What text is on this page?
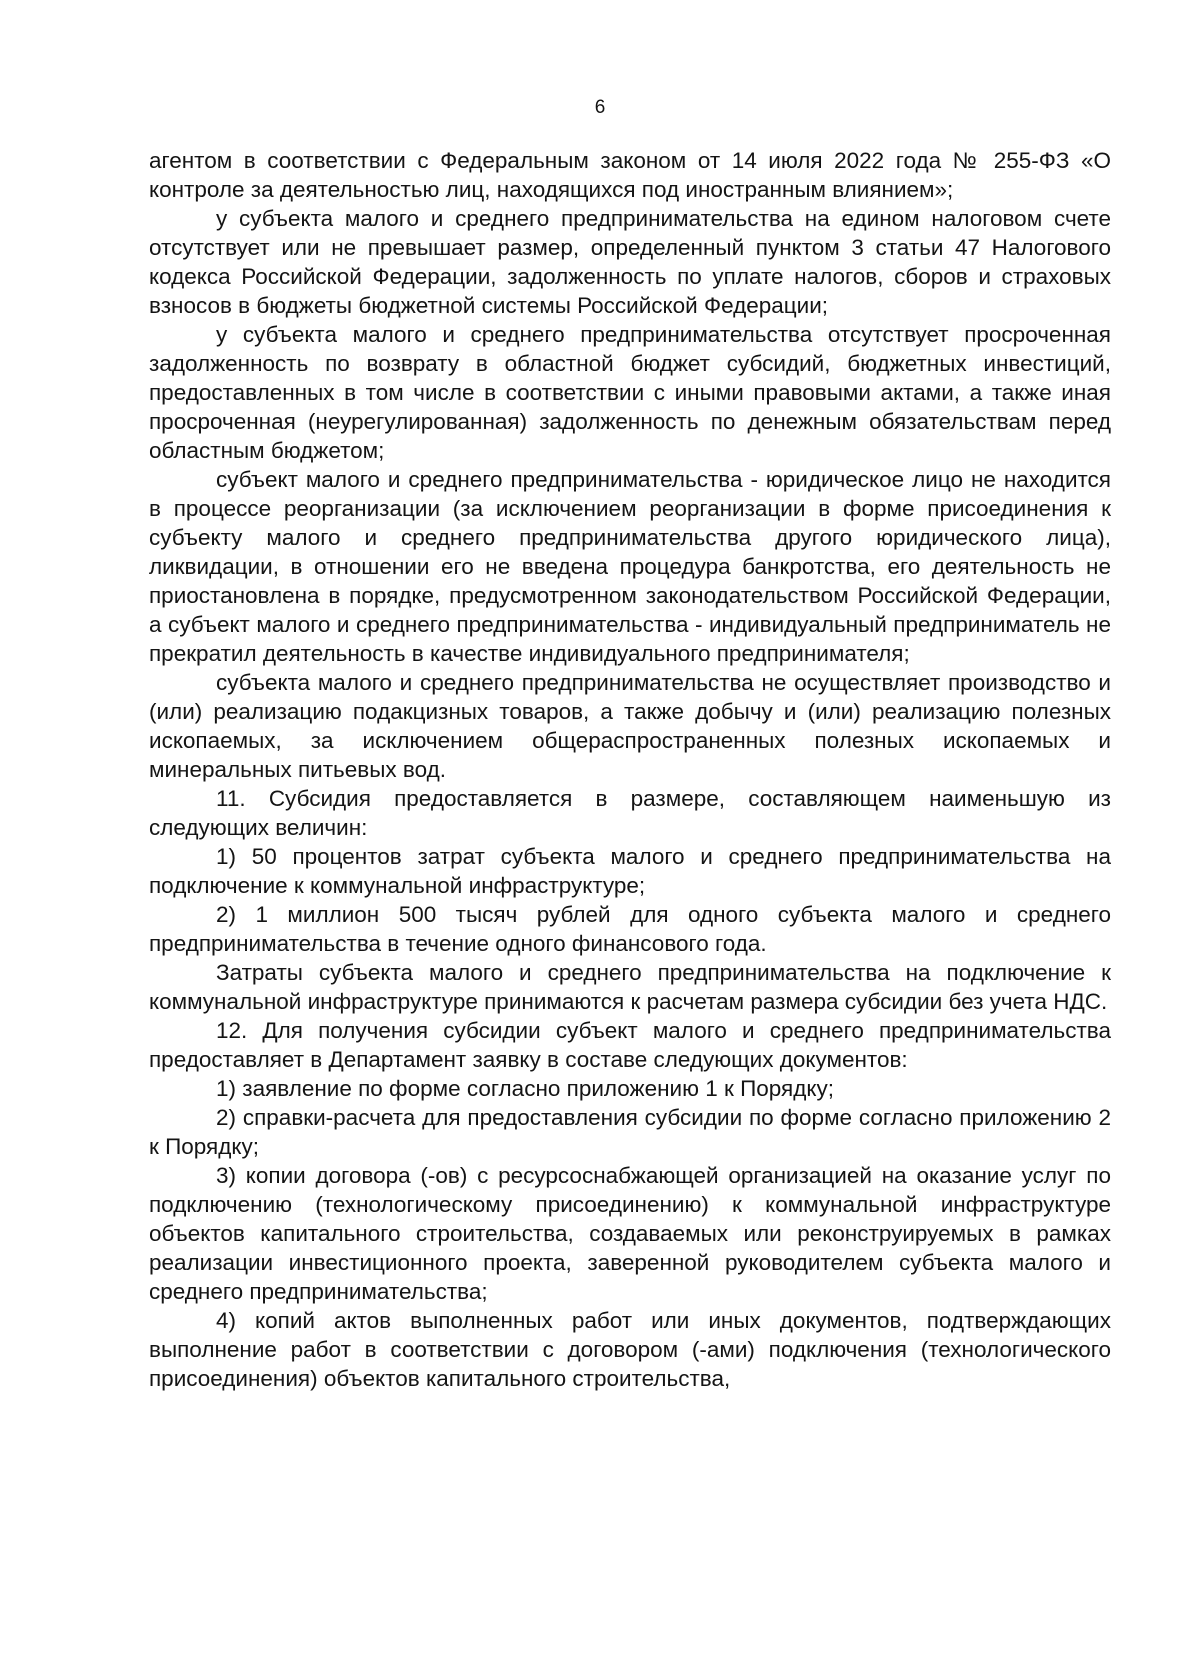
6

агентом в соответствии с Федеральным законом от 14 июля 2022 года № 255-ФЗ «О контроле за деятельностью лиц, находящихся под иностранным влиянием»;

у субъекта малого и среднего предпринимательства на едином налоговом счете отсутствует или не превышает размер, определенный пунктом 3 статьи 47 Налогового кодекса Российской Федерации, задолженность по уплате налогов, сборов и страховых взносов в бюджеты бюджетной системы Российской Федерации;

у субъекта малого и среднего предпринимательства отсутствует просроченная задолженность по возврату в областной бюджет субсидий, бюджетных инвестиций, предоставленных в том числе в соответствии с иными правовыми актами, а также иная просроченная (неурегулированная) задолженность по денежным обязательствам перед областным бюджетом;

субъект малого и среднего предпринимательства - юридическое лицо не находится в процессе реорганизации (за исключением реорганизации в форме присоединения к субъекту малого и среднего предпринимательства другого юридического лица), ликвидации, в отношении его не введена процедура банкротства, его деятельность не приостановлена в порядке, предусмотренном законодательством Российской Федерации, а субъект малого и среднего предпринимательства - индивидуальный предприниматель не прекратил деятельность в качестве индивидуального предпринимателя;

субъекта малого и среднего предпринимательства не осуществляет производство и (или) реализацию подакцизных товаров, а также добычу и (или) реализацию полезных ископаемых, за исключением общераспространенных полезных ископаемых и минеральных питьевых вод.

11. Субсидия предоставляется в размере, составляющем наименьшую из следующих величин:

1) 50 процентов затрат субъекта малого и среднего предпринимательства на подключение к коммунальной инфраструктуре;

2) 1 миллион 500 тысяч рублей для одного субъекта малого и среднего предпринимательства в течение одного финансового года.

Затраты субъекта малого и среднего предпринимательства на подключение к коммунальной инфраструктуре принимаются к расчетам размера субсидии без учета НДС.

12. Для получения субсидии субъект малого и среднего предпринимательства предоставляет в Департамент заявку в составе следующих документов:

1) заявление по форме согласно приложению 1 к Порядку;

2) справки-расчета для предоставления субсидии по форме согласно приложению 2 к Порядку;

3) копии договора (-ов) с ресурсоснабжающей организацией на оказание услуг по подключению (технологическому присоединению) к коммунальной инфраструктуре объектов капитального строительства, создаваемых или реконструируемых в рамках реализации инвестиционного проекта, заверенной руководителем субъекта малого и среднего предпринимательства;

4) копий актов выполненных работ или иных документов, подтверждающих выполнение работ в соответствии с договором (-ами) подключения (технологического присоединения) объектов капитального строительства,
